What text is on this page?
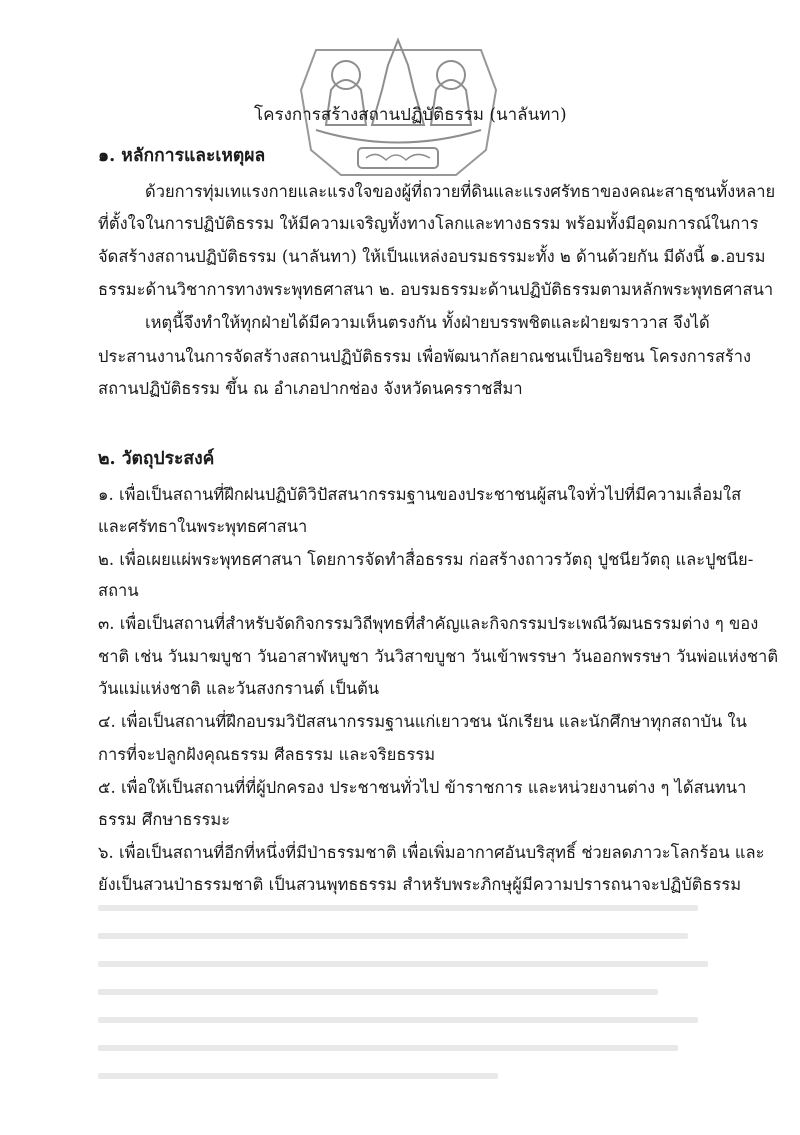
โครงการสร้างสถานปฏิบัติธรรม (นาลันทา)
๑. หลักการและเหตุผล
ด้วยการทุ่มเทแรงกายและแรงใจของผู้ที่ถวายที่ดินและแรงศรัทธาของคณะสาธุชนทั้งหลาย
ที่ตั้งใจในการปฏิบัติธรรม ให้มีความเจริญทั้งทางโลกและทางธรรม พร้อมทั้งมีอุดมการณ์ในการ
จัดสร้างสถานปฏิบัติธรรม (นาลันทา) ให้เป็นแหล่งอบรมธรรมะทั้ง ๒ ด้านด้วยกัน มีดังนี้ ๑.อบรม
ธรรมะด้านวิชาการทางพระพุทธศาสนา ๒. อบรมธรรมะด้านปฏิบัติธรรมตามหลักพระพุทธศาสนา
เหตุนี้จึงทำให้ทุกฝ่ายได้มีความเห็นตรงกัน ทั้งฝ่ายบรรพชิตและฝ่ายฆราวาส จึงได้
ประสานงานในการจัดสร้างสถานปฏิบัติธรรม เพื่อพัฒนากัลยาณชนเป็นอริยชน โครงการสร้าง
สถานปฏิบัติธรรม ขึ้น ณ อำเภอปากช่อง จังหวัดนครราชสีมา
๒. วัตถุประสงค์
๑. เพื่อเป็นสถานที่ฝึกฝนปฏิบัติวิปัสสนากรรมฐานของประชาชนผู้สนใจทั่วไปที่มีความเลื่อมใส
และศรัทธาในพระพุทธศาสนา
๒. เพื่อเผยแผ่พระพุทธศาสนา โดยการจัดทำสื่อธรรม ก่อสร้างถาวรวัตถุ ปูชนียวัตถุ และปูชนีย-
สถาน
๓. เพื่อเป็นสถานที่สำหรับจัดกิจกรรมวิถีพุทธที่สำคัญและกิจกรรมประเพณีวัฒนธรรมต่าง ๆ ของ
ชาติ เช่น วันมาฆบูชา วันอาสาฬหบูชา วันวิสาขบูชา วันเข้าพรรษา วันออกพรรษา วันพ่อแห่งชาติ
วันแม่แห่งชาติ และวันสงกรานต์ เป็นต้น
๔. เพื่อเป็นสถานที่ฝึกอบรมวิปัสสนากรรมฐานแก่เยาวชน นักเรียน และนักศึกษาทุกสถาบัน ใน
การที่จะปลูกฝังคุณธรรม ศีลธรรม และจริยธรรม
๕. เพื่อให้เป็นสถานที่ที่ผู้ปกครอง ประชาชนทั่วไป ข้าราชการ และหน่วยงานต่าง ๆ ได้สนทนา
ธรรม ศึกษาธรรมะ
๖. เพื่อเป็นสถานที่อีกที่หนึ่งที่มีป่าธรรมชาติ เพื่อเพิ่มอากาศอันบริสุทธิ์ ช่วยลดภาวะโลกร้อน และ
ยังเป็นสวนป่าธรรมชาติ เป็นสวนพุทธธรรม สำหรับพระภิกษุผู้มีความปรารถนาจะปฏิบัติธรรม
